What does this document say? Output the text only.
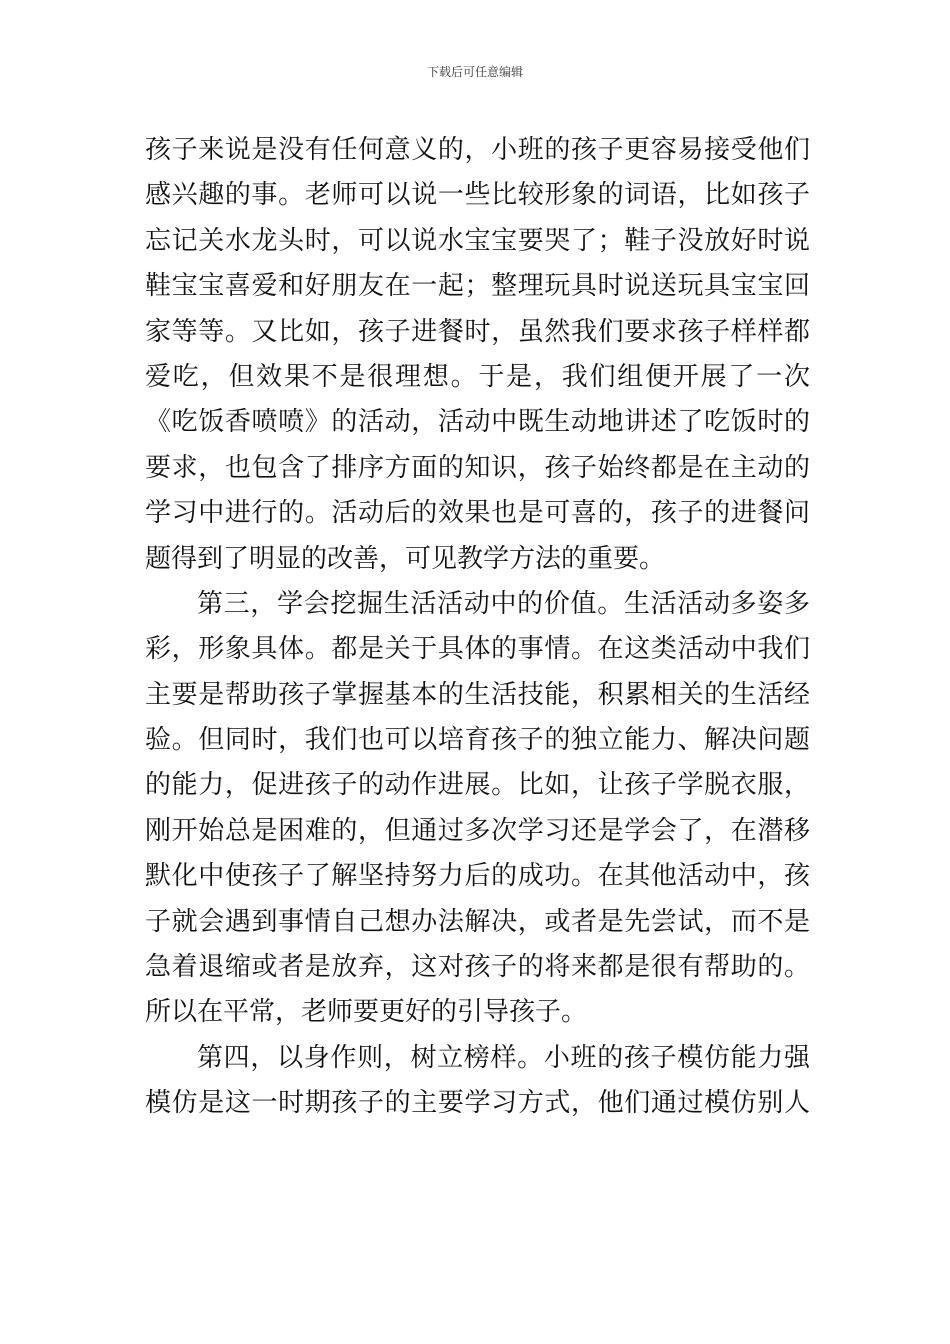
下载后可任意编辑
孩子来说是没有任何意义的，小班的孩子更容易接受他们
感兴趣的事。老师可以说一些比较形象的词语，比如孩子
忘记关水龙头时，可以说水宝宝要哭了；鞋子没放好时说
鞋宝宝喜爱和好朋友在一起；整理玩具时说送玩具宝宝回
家等等。又比如，孩子进餐时，虽然我们要求孩子样样都
爱吃，但效果不是很理想。于是，我们组便开展了一次
《吃饭香喷喷》的活动，活动中既生动地讲述了吃饭时的
要求，也包含了排序方面的知识，孩子始终都是在主动的
学习中进行的。活动后的效果也是可喜的，孩子的进餐问
题得到了明显的改善，可见教学方法的重要。
第三，学会挖掘生活活动中的价值。生活活动多姿多
彩，形象具体。都是关于具体的事情。在这类活动中我们
主要是帮助孩子掌握基本的生活技能，积累相关的生活经
验。但同时，我们也可以培育孩子的独立能力、解决问题
的能力，促进孩子的动作进展。比如，让孩子学脱衣服，
刚开始总是困难的，但通过多次学习还是学会了，在潜移
默化中使孩子了解坚持努力后的成功。在其他活动中，孩
子就会遇到事情自己想办法解决，或者是先尝试，而不是
急着退缩或者是放弃，这对孩子的将来都是很有帮助的。
所以在平常，老师要更好的引导孩子。
第四，以身作则，树立榜样。小班的孩子模仿能力强
模仿是这一时期孩子的主要学习方式，他们通过模仿别人
